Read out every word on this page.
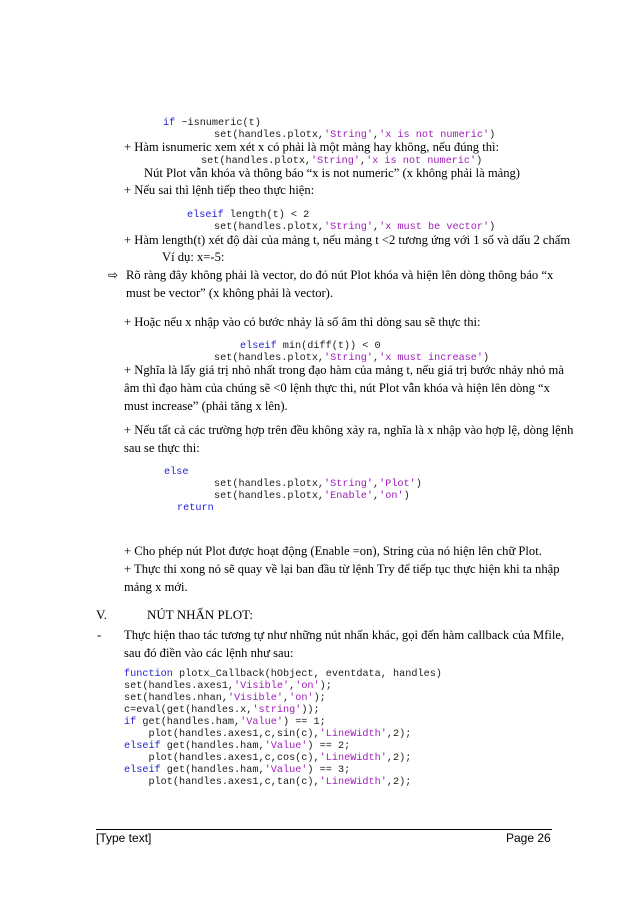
if ~isnumeric(t)
set(handles.plotx,'String','x is not numeric')

+ Hàm isnumeric xem xét x có phải là một mảng hay không, nếu đúng thì:

set(handles.plotx,'String','x is not numeric')

Nút Plot vẫn khóa và thông báo “x is not numeric” (x không phải là mảng)

+ Nếu sai thì lệnh tiếp theo thực hiện:

elseif length(t) < 2
set(handles.plotx,'String','x must be vector')

+ Hàm length(t) xét độ dài của mảng t, nếu mảng t <2 tương ứng với 1 số và dấu 2 chấm

Ví dụ: x=-5:

⇨ Rõ ràng đây không phải là vector, do đó nút Plot khóa và hiện lên dòng thông báo “x

must be vector” (x không phải là vector).

+ Hoặc nếu x nhập vào có bước nhảy là số âm thì dòng sau sẽ thực thi:

elseif min(diff(t)) < 0
set(handles.plotx,'String','x must increase')

+ Nghĩa là lấy giá trị nhỏ nhất trong đạo hàm của mảng t, nếu giá trị bước nhảy nhỏ mà

âm thì đạo hàm của chúng sẽ <0 lệnh thực thi, nút Plot vẫn khóa và hiện lên dòng “x

must increase” (phải tăng x lên).

+ Nếu tất cả các trường hợp trên đều không xảy ra, nghĩa là x nhập vào hợp lệ, dòng lệnh

sau se thực thi:

else
set(handles.plotx,'String','Plot')
set(handles.plotx,'Enable','on')
return

+ Cho phép nút Plot được hoạt động (Enable =on), String của nó hiện lên chữ Plot.

+ Thực thi xong nó sẽ quay về lại ban đầu từ lệnh Try để tiếp tục thực hiện khi ta nhập

mảng x mới.

V.	NÚT NHẤN PLOT:
- Thực hiện thao tác tương tự như những nút nhấn khác, gọi đến hàm callback của Mfile,

sau đó điền vào các lệnh như sau:

function plotx_Callback(hObject, eventdata, handles)
set(handles.axes1,'Visible','on');
set(handles.nhan,'Visible','on');
c=eval(get(handles.x,'string'));
if get(handles.ham,'Value') == 1;
plot(handles.axes1,c,sin(c),'LineWidth',2);
elseif get(handles.ham,'Value') == 2;
plot(handles.axes1,c,cos(c),'LineWidth',2);
elseif get(handles.ham,'Value') == 3;
plot(handles.axes1,c,tan(c),'LineWidth',2);
[Type text]	Page 26
